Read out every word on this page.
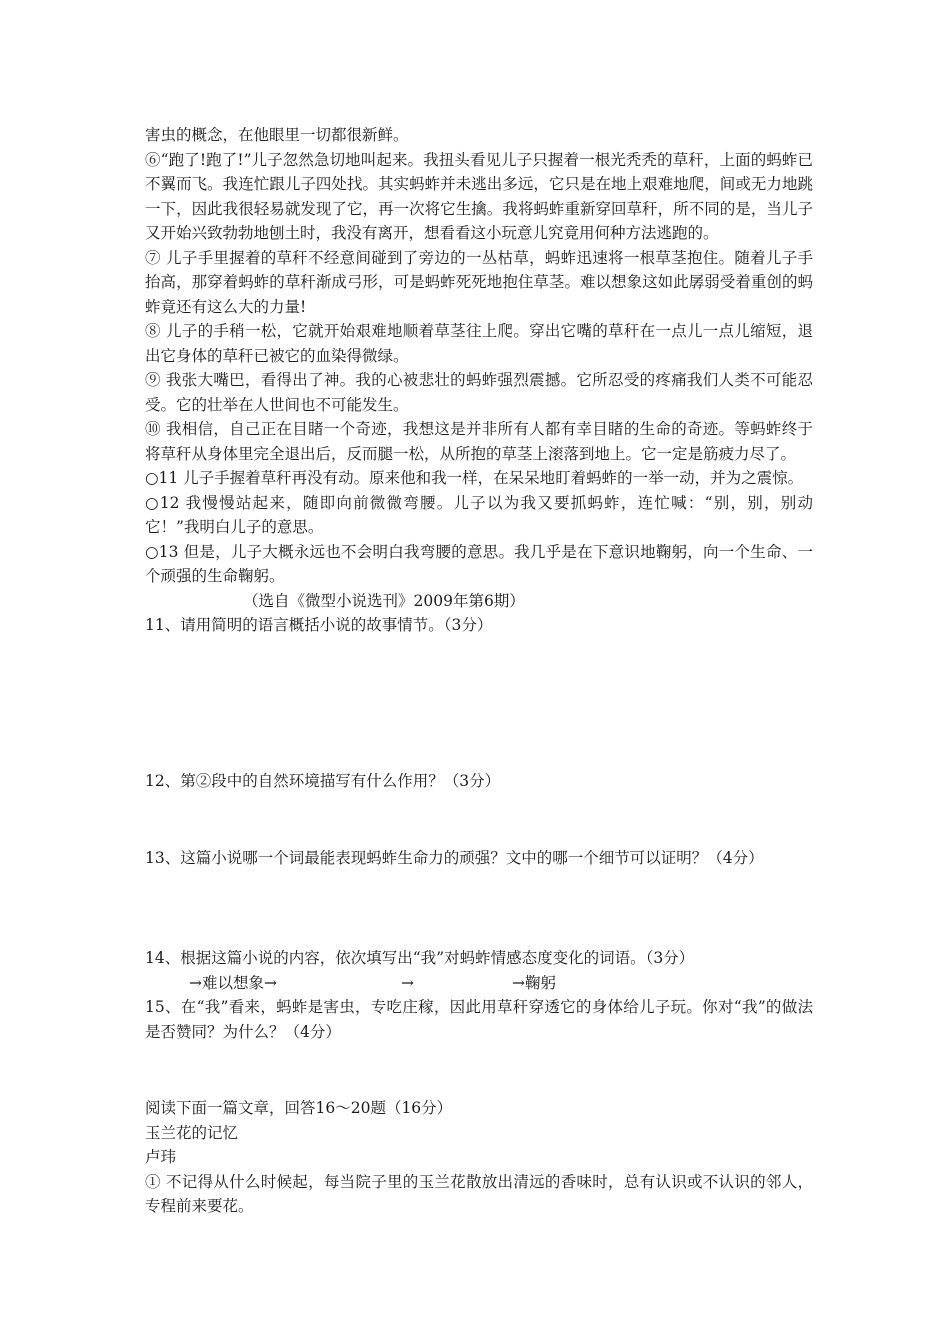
害虫的概念，在他眼里一切都很新鲜。

⑥“跑了!跑了!”儿子忽然急切地叫起来。我扭头看见儿子只握着一根光秃秃的草秆，上面的蚂蚱已不翼而飞。我连忙跟儿子四处找。其实蚂蚱并未逃出多远，它只是在地上艰难地爬，间或无力地跳一下，因此我很轻易就发现了它，再一次将它生擒。我将蚂蚱重新穿回草秆，所不同的是，当儿子又开始兴致勃勃地刨土时，我没有离开，想看看这小玩意儿究竟用何种方法逃跑的。

⑦ 儿子手里握着的草秆不经意间碰到了旁边的一丛枯草，蚂蚱迅速将一根草茎抱住。随着儿子手抬高，那穿着蚂蚱的草秆渐成弓形，可是蚂蚱死死地抱住草茎。难以想象这如此孱弱受着重创的蚂蚱竟还有这么大的力量!

⑧ 儿子的手稍一松，它就开始艰难地顺着草茎往上爬。穿出它嘴的草秆在一点儿一点儿缩短，退出它身体的草秆已被它的血染得微绿。

⑨ 我张大嘴巴，看得出了神。我的心被悲壮的蚂蚱强烈震撼。它所忍受的疼痛我们人类不可能忍受。它的壮举在人世间也不可能发生。

⑩ 我相信，自己正在目睹一个奇迹，我想这是并非所有人都有幸目睹的生命的奇迹。等蚂蚱终于将草秆从身体里完全退出后，反而腿一松，从所抱的草茎上滚落到地上。它一定是筋疲力尽了。

○11 儿子手握着草秆再没有动。原来他和我一样，在呆呆地盯着蚂蚱的一举一动，并为之震惊。

○12 我慢慢站起来，随即向前微微弯腰。儿子以为我又要抓蚂蚱，连忙喊：“别，别，别动它！”我明白儿子的意思。

○13 但是，儿子大概永远也不会明白我弯腰的意思。我几乎是在下意识地鞠躬，向一个生命、一个顽强的生命鞠躬。

（选自《微型小说选刊》2009年第6期）

11、请用简明的语言概括小说的故事情节。（3分）

12、第②段中的自然环境描写有什么作用？（3分）

13、这篇小说哪一个词最能表现蚂蚱生命力的顽强？文中的哪一个细节可以证明？（4分）

14、根据这篇小说的内容，依次填写出“我”对蚂蚱情感态度变化的词语。（3分）

→难以想象→	→	→鞠躬

15、在“我”看来，蚂蚱是害虫，专吃庄稼，因此用草秆穿透它的身体给儿子玩。你对“我”的做法是否赞同？为什么？（4分）

阅读下面一篇文章，回答16～20题（16分）

玉兰花的记忆

卢玮

① 不记得从什么时候起，每当院子里的玉兰花散放出清远的香味时，总有认识或不认识的邻人，专程前来要花。
